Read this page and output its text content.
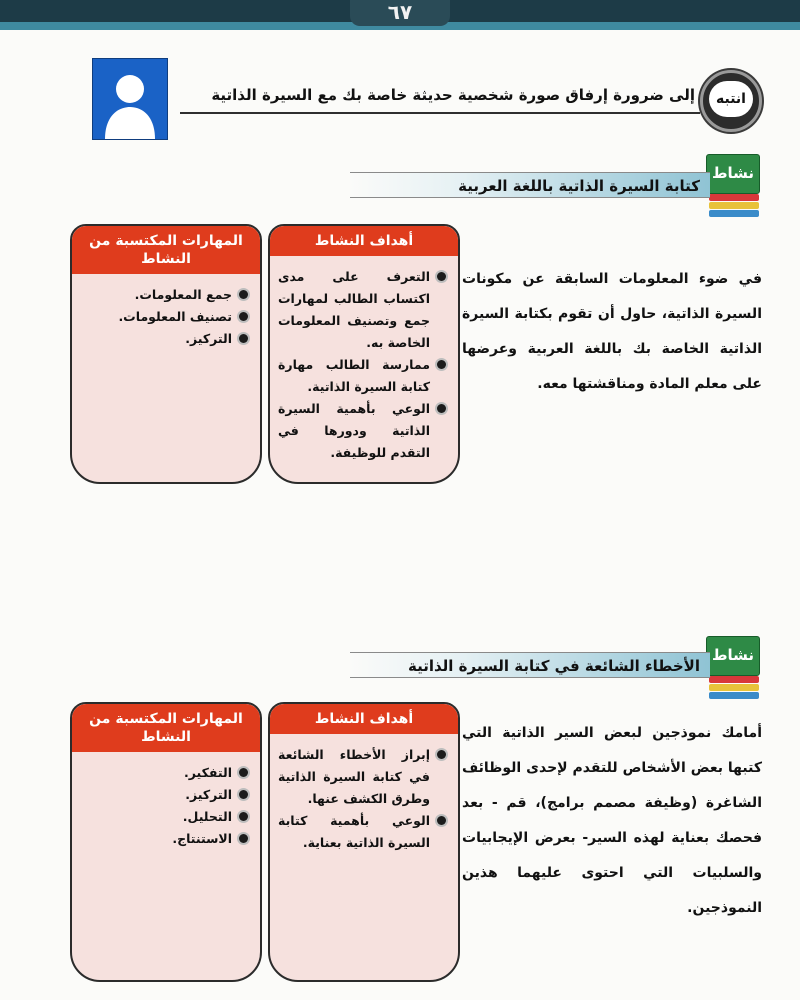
٦٧
انتبه
إلى ضرورة إرفاق صورة شخصية حديثة خاصة بك مع السيرة الذاتية
نشاط
كتابة السيرة الذاتية باللغة العربية
أهداف النشاط
التعرف على مدى اكتساب الطالب لمهارات جمع وتصنيف المعلومات الخاصة به.
ممارسة الطالب مهارة كتابة السيرة الذاتية.
الوعي بأهمية السيرة الذاتية ودورها في التقدم للوظيفة.
المهارات المكتسبة من النشاط
جمع المعلومات.
تصنيف المعلومات.
التركيز.
في ضوء المعلومات السابقة عن مكونات السيرة الذاتية، حاول أن تقوم بكتابة السيرة الذاتية الخاصة بك باللغة العربية وعرضها على معلم المادة ومناقشتها معه.
نشاط
الأخطاء الشائعة في كتابة السيرة الذاتية
أهداف النشاط
إبراز الأخطاء الشائعة في كتابة السيرة الذاتية وطرق الكشف عنها.
الوعي بأهمية كتابة السيرة الذاتية بعناية.
المهارات المكتسبة من النشاط
التفكير.
التركيز.
التحليل.
الاستنتاج.
أمامك نموذجين لبعض السير الذاتية التي كتبها بعض الأشخاص للتقدم لإحدى الوظائف الشاغرة (وظيفة مصمم برامج)، قم - بعد فحصك بعناية لهذه السير- بعرض الإيجابيات والسلبيات التي احتوى عليهما هذين النموذجين.
